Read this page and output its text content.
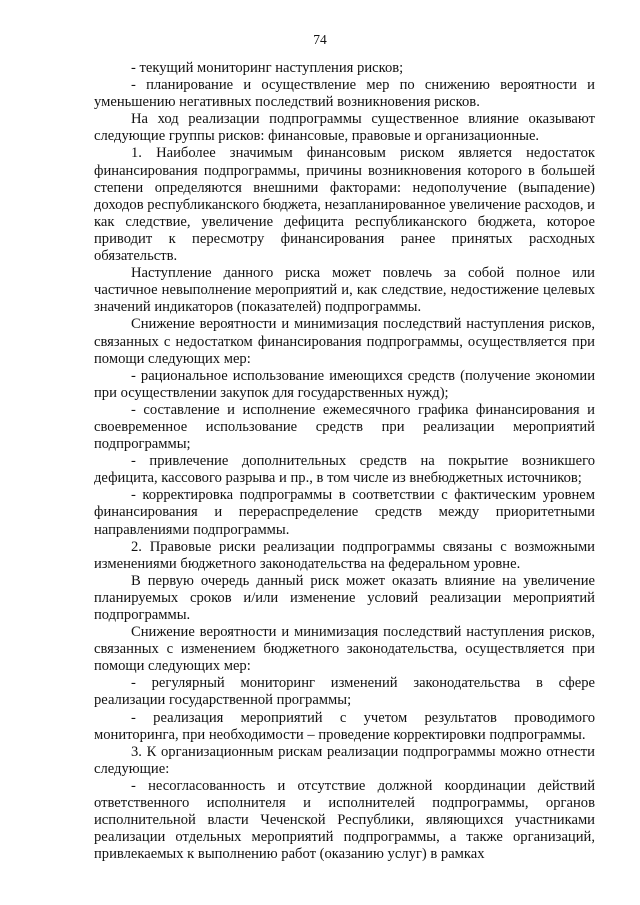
74

- текущий мониторинг наступления рисков;

- планирование и осуществление мер по снижению вероятности и уменьшению негативных последствий возникновения рисков.

На ход реализации подпрограммы существенное влияние оказывают следующие группы рисков: финансовые, правовые и организационные.

1. Наиболее значимым финансовым риском является недостаток финансирования подпрограммы, причины возникновения которого в большей степени определяются внешними факторами: недополучение (выпадение) доходов республиканского бюджета, незапланированное увеличение расходов, и как следствие, увеличение дефицита республиканского бюджета, которое приводит к пересмотру финансирования ранее принятых расходных обязательств.

Наступление данного риска может повлечь за собой полное или частичное невыполнение мероприятий и, как следствие, недостижение целевых значений индикаторов (показателей) подпрограммы.

Снижение вероятности и минимизация последствий наступления рисков, связанных с недостатком финансирования подпрограммы, осуществляется при помощи следующих мер:

- рациональное использование имеющихся средств (получение экономии при осуществлении закупок для государственных нужд);

- составление и исполнение ежемесячного графика финансирования и своевременное использование средств при реализации мероприятий подпрограммы;

- привлечение дополнительных средств на покрытие возникшего дефицита, кассового разрыва и пр., в том числе из внебюджетных источников;

- корректировка подпрограммы в соответствии с фактическим уровнем финансирования и перераспределение средств между приоритетными направлениями подпрограммы.

2. Правовые риски реализации подпрограммы связаны с возможными изменениями бюджетного законодательства на федеральном уровне.

В первую очередь данный риск может оказать влияние на увеличение планируемых сроков и/или изменение условий реализации мероприятий подпрограммы.

Снижение вероятности и минимизация последствий наступления рисков, связанных с изменением бюджетного законодательства, осуществляется при помощи следующих мер:

- регулярный мониторинг изменений законодательства в сфере реализации государственной программы;

- реализация мероприятий с учетом результатов проводимого мониторинга, при необходимости – проведение корректировки подпрограммы.

3. К организационным рискам реализации подпрограммы можно отнести следующие:

- несогласованность и отсутствие должной координации действий ответственного исполнителя и исполнителей подпрограммы, органов исполнительной власти Чеченской Республики, являющихся участниками реализации отдельных мероприятий подпрограммы, а также организаций, привлекаемых к выполнению работ (оказанию услуг) в рамках
